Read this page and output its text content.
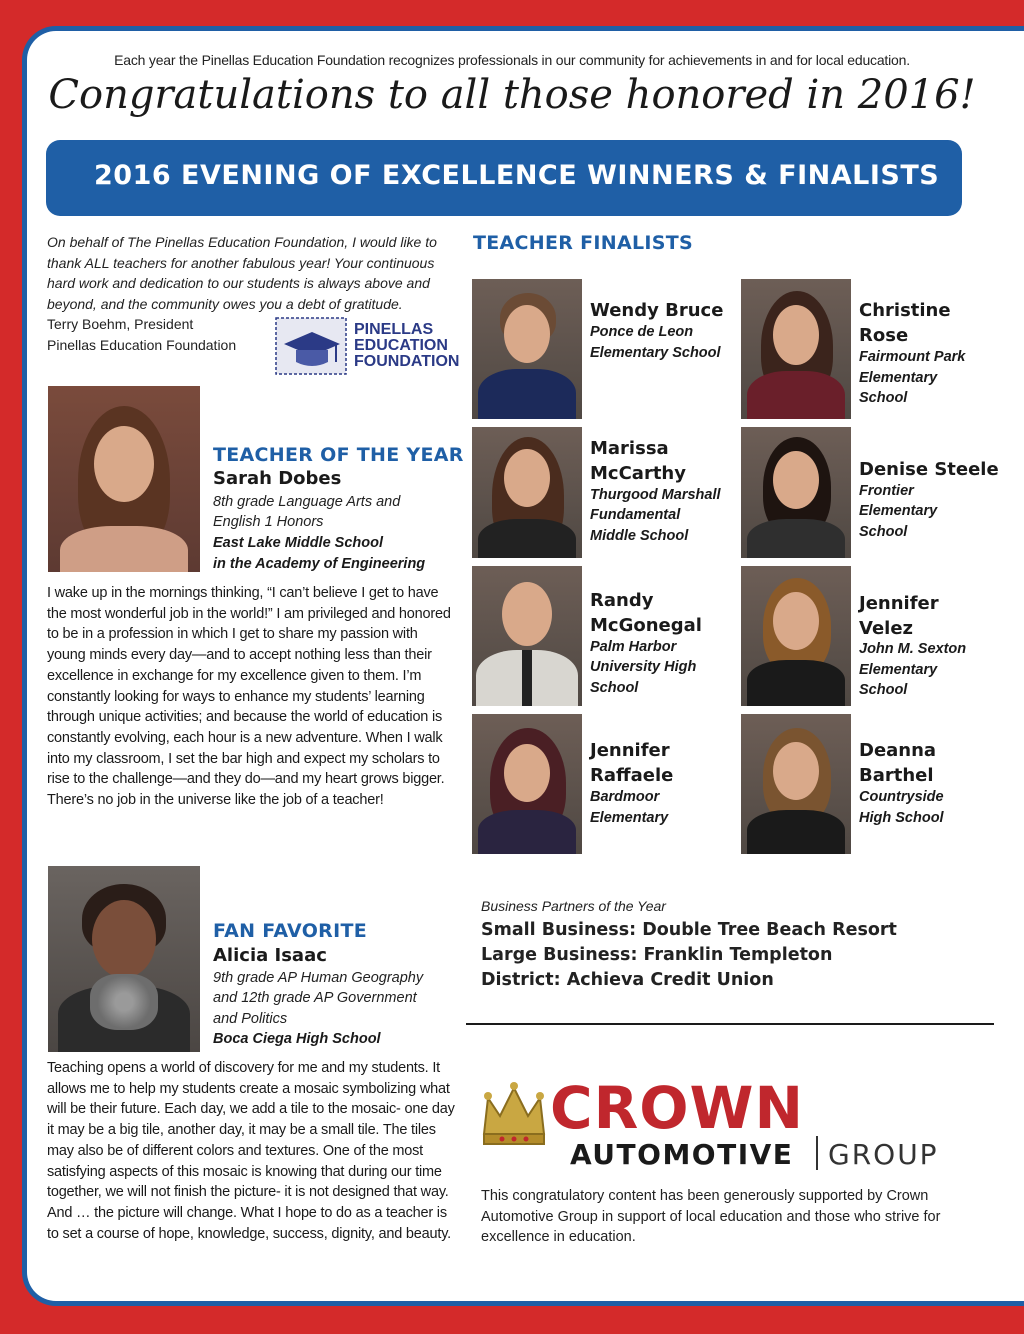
Each year the Pinellas Education Foundation recognizes professionals in our community for achievements in and for local education.
Congratulations to all those honored in 2016!
2016 EVENING OF EXCELLENCE WINNERS & FINALISTS
On behalf of The Pinellas Education Foundation, I would like to thank ALL teachers for another fabulous year! Your continuous hard work and dedication to our students is always above and beyond, and the community owes you a debt of gratitude.
Terry Boehm, President
Pinellas Education Foundation
PINELLAS
EDUCATION
FOUNDATION
TEACHER OF THE YEAR
Sarah Dobes
8th grade Language Arts and
English 1 Honors
East Lake Middle School
in the Academy of Engineering
I wake up in the mornings thinking, “I can’t believe I get to have the most wonderful job in the world!” I am privileged and honored to be in a profession in which I get to share my passion with young minds every day—and to accept nothing less than their excellence in exchange for my excellence given to them. I’m constantly looking for ways to enhance my students’ learning through unique activities; and because the world of education is constantly evolving, each hour is a new adventure. When I walk into my classroom, I set the bar high and expect my scholars to rise to the challenge—and they do—and my heart grows bigger. There’s no job in the universe like the job of a teacher!
FAN FAVORITE
Alicia Isaac
9th grade AP Human Geography
and 12th grade AP Government
and Politics
Boca Ciega High School
Teaching opens a world of discovery for me and my students. It allows me to help my students create a mosaic symbolizing what will be their future. Each day, we add a tile to the mosaic- one day it may be a big tile, another day, it may be a small tile. The tiles may also be of different colors and textures. One of the most satisfying aspects of this mosaic is knowing that during our time together, we will not finish the picture- it is not designed that way. And … the picture will change. What I hope to do as a teacher is to set a course of hope, knowledge, success, dignity, and beauty.
TEACHER FINALISTS
Wendy Bruce
Ponce de Leon
Elementary School
Christine
Rose
Fairmount Park
Elementary
School
Marissa
McCarthy
Thurgood Marshall
Fundamental
Middle School
Denise Steele
Frontier
Elementary
School
Randy
McGonegal
Palm Harbor
University High
School
Jennifer
Velez
John M. Sexton
Elementary
School
Jennifer
Raffaele
Bardmoor
Elementary
Deanna
Barthel
Countryside
High School
Business Partners of the Year
Small Business: Double Tree Beach Resort
Large Business: Franklin Templeton
District: Achieva Credit Union
CROWN
AUTOMOTIVE GROUP
This congratulatory content has been generously supported by Crown Automotive Group in support of local education and those who strive for excellence in education.
